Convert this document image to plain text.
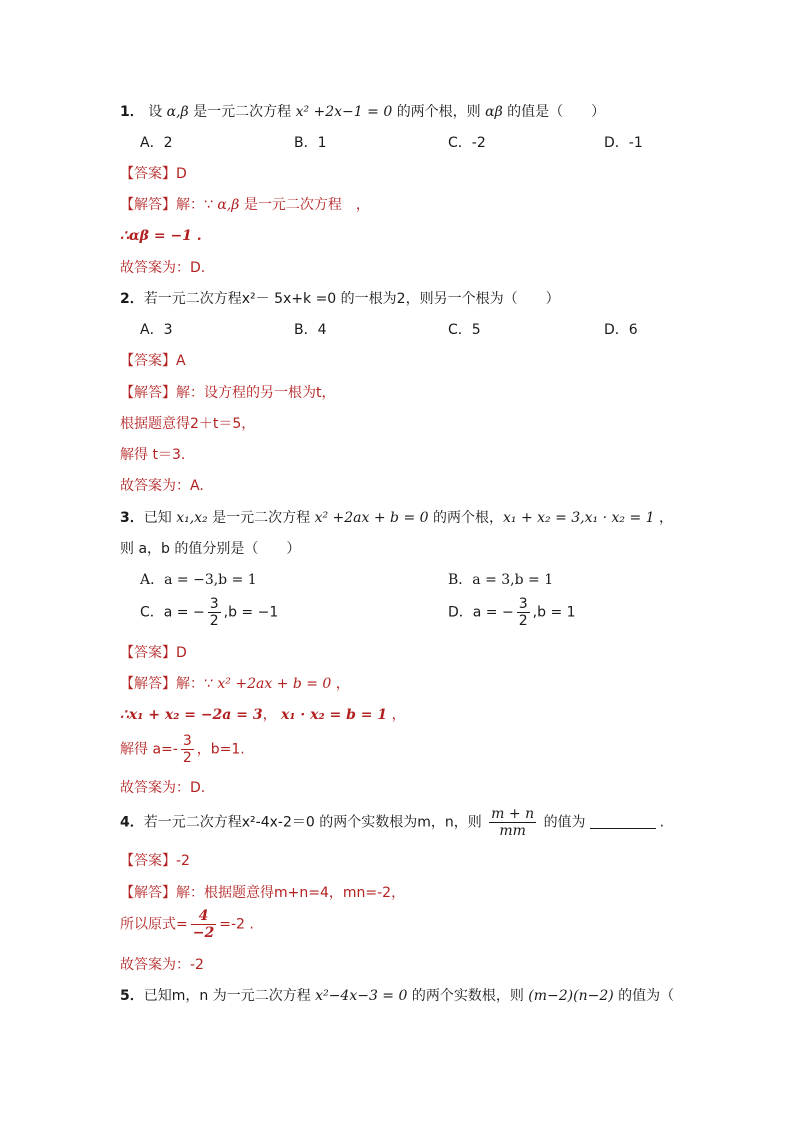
1． 设 α,β 是一元二次方程 x² +2x−1 = 0 的两个根，则 αβ 的值是（　　）
A．2	B．1	C．-2	D．-1
【答案】D
【解答】解：∵ α,β 是一元二次方程　，
∴αβ = −1 .
故答案为：D.
2．若一元二次方程x²－ 5x+k =0 的一根为2，则另一个根为（　　）
A．3	B．4	C．5	D．6
【答案】A
【解答】解：设方程的另一根为t，
根据题意得2＋t＝5，
解得 t＝3.
故答案为：A.
3．已知 x₁,x₂ 是一元二次方程 x² +2ax + b = 0 的两个根，x₁ + x₂ = 3,x₁ · x₂ = 1 ，
则 a，b 的值分别是（　　）
A．a = −3,b = 1	B．a = 3,b = 1
C．a = − $\frac{3}{2} ,b = -1$	D．a = − $\frac{3}{2} ,b = 1$
【答案】D
【解答】解：∵ x² +2ax + b = 0 ，
∴x₁ + x₂ = −2a = 3， x₁ · x₂ = b = 1 ，
解得 $a=- \frac{3}{2}$ ，b=1.
故答案为：D.
4．若一元二次方程x²-4x-2＝0 的两个实数根为m，n，则 $\frac{m + n}{mm}$ 的值为	.
【答案】-2
【解答】解：根据题意得m+n=4，mn=-2，
所以原式= $\frac{4}{-2} =-2$ .
故答案为：-2
5．已知m，n 为一元二次方程 x²−4x−3 = 0 的两个实数根，则 (m−2)(n−2) 的值为（
